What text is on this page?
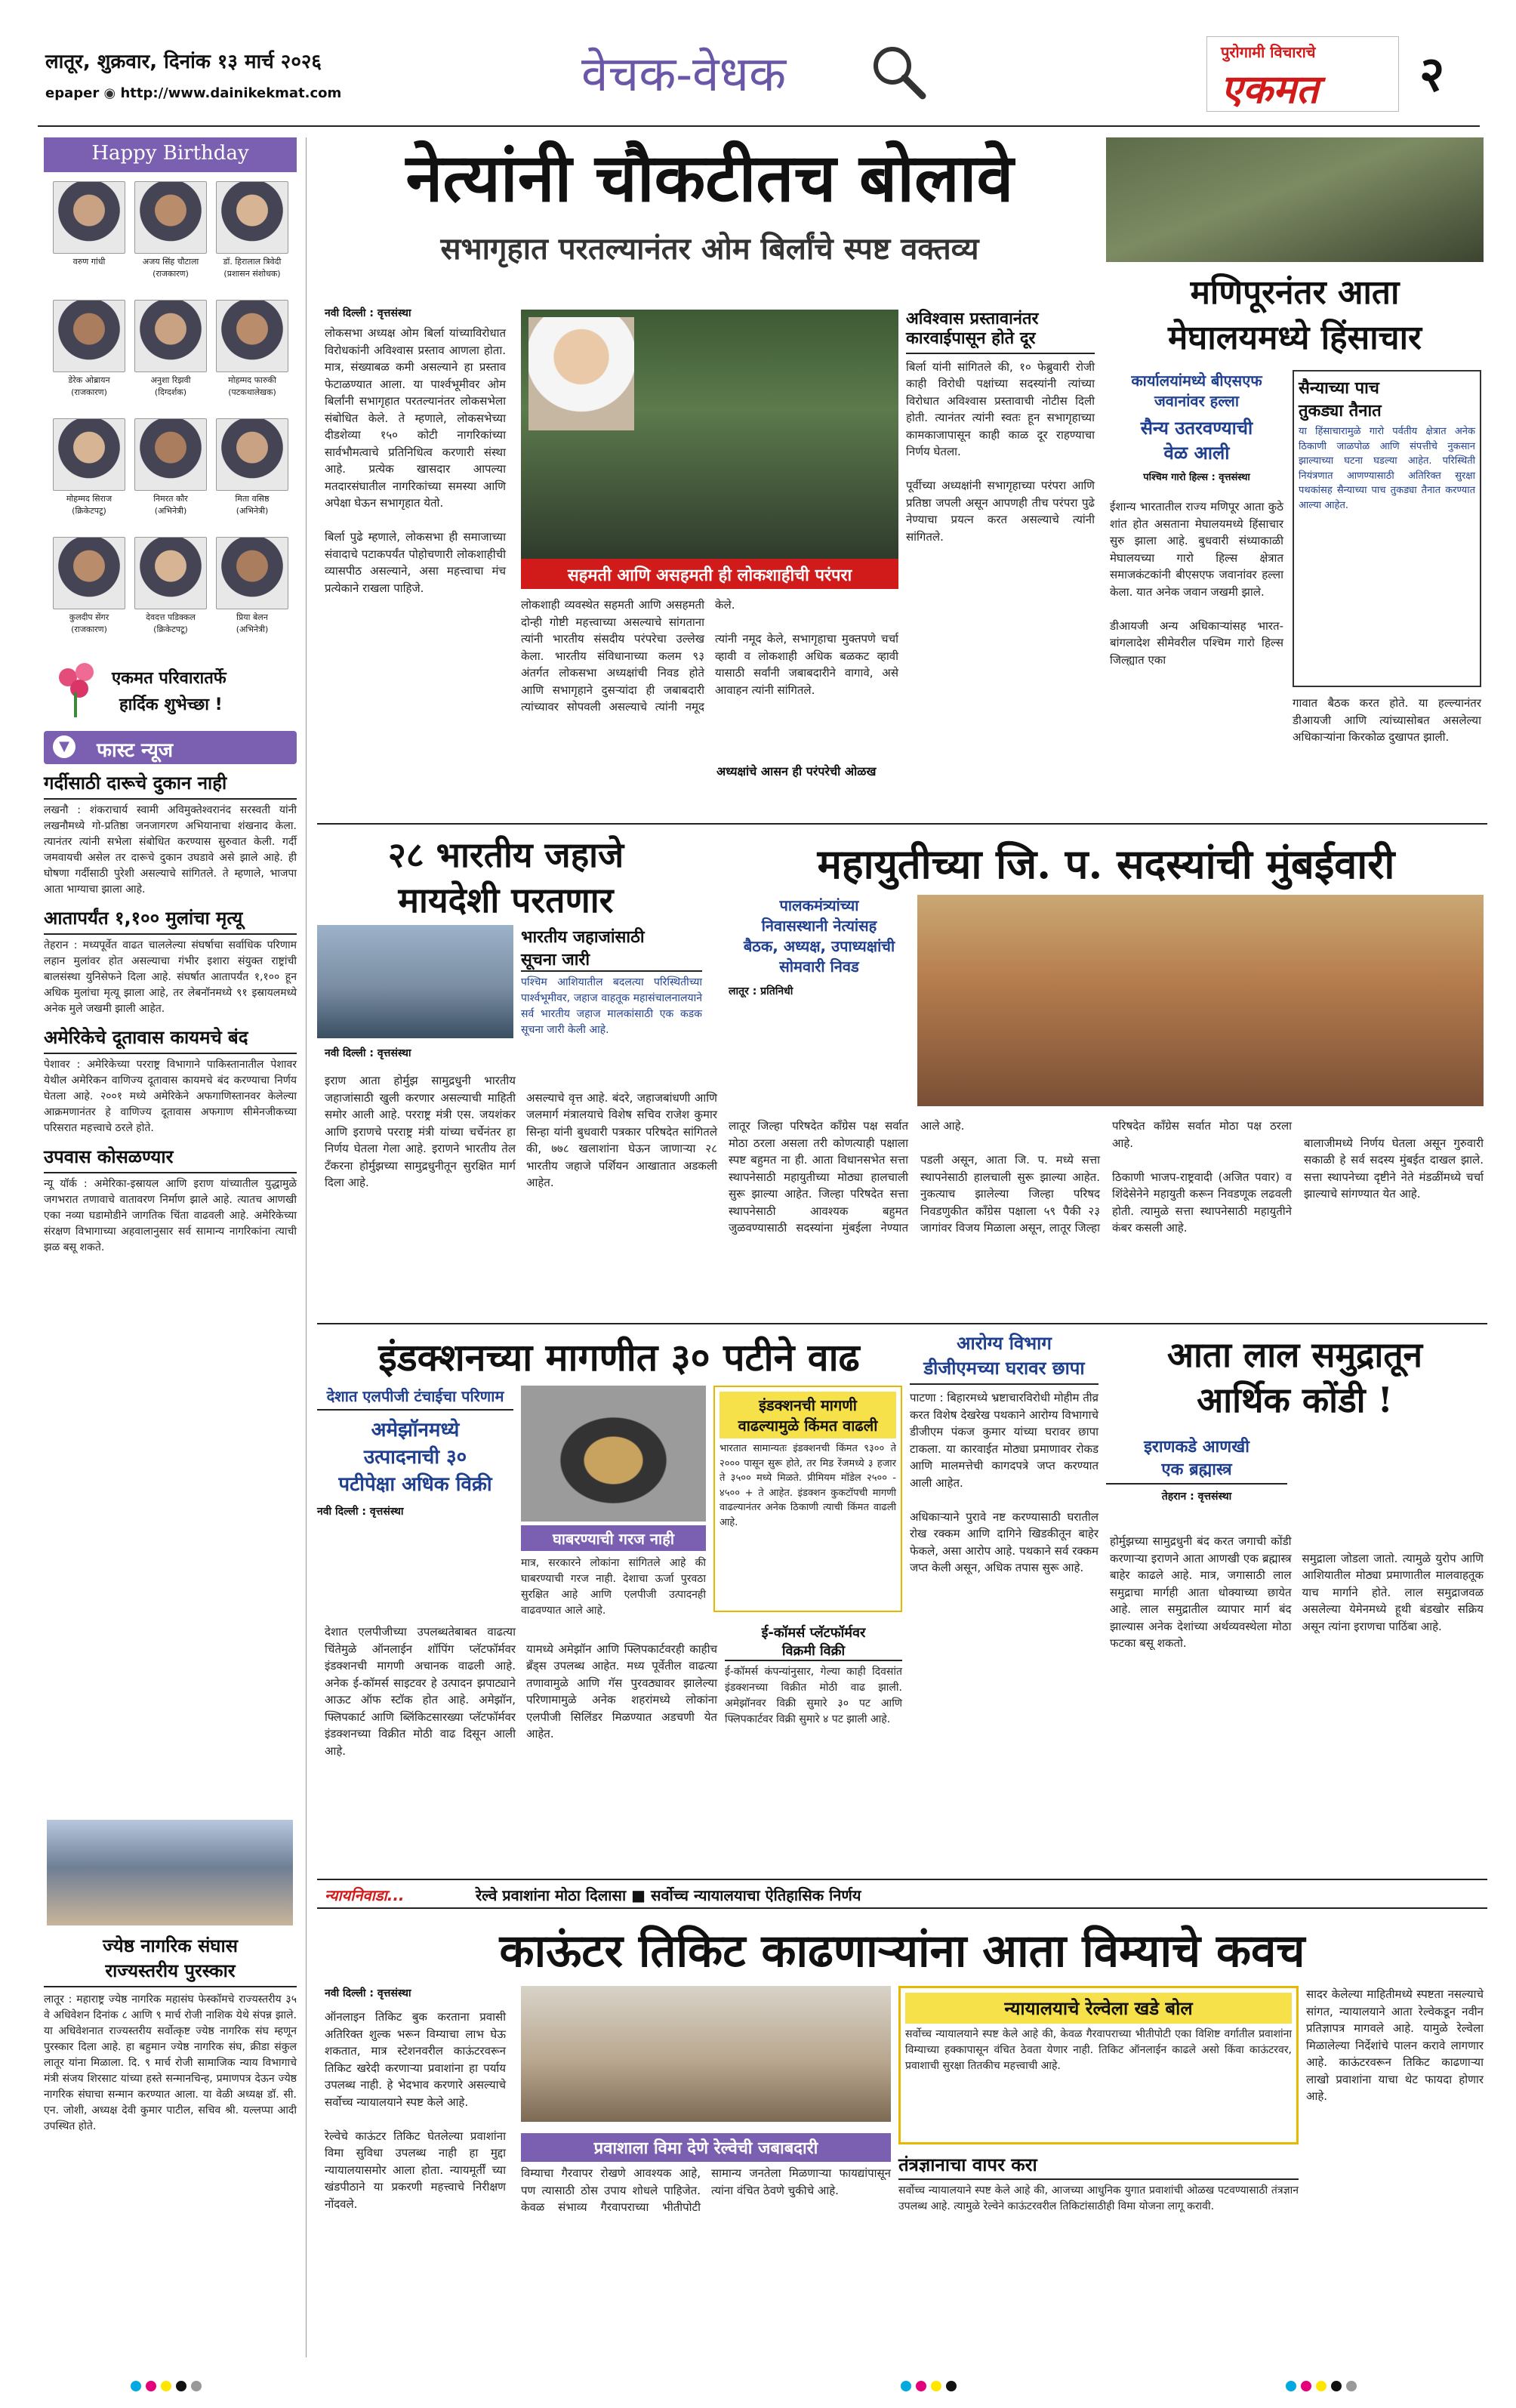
लातूर, शुक्रवार, दिनांक १३ मार्च २०२६
epaper ◉ http://www.dainikekmat.com	वेचक-वेधक	पुरोगामी विचाराचे
एकमत २
Happy Birthday
वरुण गांधी	अजय सिंह चौटाला
(राजकारण)
डॉ. हिरालाल त्रिवेदी
(प्रशासन संशोधक)
डेरेक ओब्रायन
(राजकारण)
अनुशा रिझवी
(दिग्दर्शक)
मोहम्मद फारुकी
(पटकथालेखक)
मोहम्मद सिराज
(क्रिकेटपटू)
निमरत कौर
(अभिनेत्री)
मिता वसिष्ठ
(अभिनेत्री)
कुलदीप सेंगर
(राजकारण)
देवदत्त पडिक्कल
(क्रिकेटपटू)
प्रिया बेलन
(अभिनेत्री)
एकमत परिवारातर्फे
हार्दिक शुभेच्छा !
▼	फास्ट न्यूज
गर्दीसाठी दारूचे दुकान नाही
लखनौ : शंकराचार्य स्वामी अविमुक्तेश्वरानंद सरस्वती यांनी लखनौमध्ये गो-प्रतिष्ठा जनजागरण अभियानाचा शंखनाद केला. त्यानंतर त्यांनी सभेला संबोधित करण्यास सुरुवात केली. गर्दी जमवायची असेल तर दारूचे दुकान उघडावे असे झाले आहे. ही घोषणा गर्दीसाठी पुरेशी असल्याचे सांगितले. ते म्हणाले, भाजपा आता भाग्याचा झाला आहे.
आतापर्यंत १,१०० मुलांचा मृत्यू
तेहरान : मध्यपूर्वेत वाढत चाललेल्या संघर्षाचा सर्वाधिक परिणाम लहान मुलांवर होत असल्याचा गंभीर इशारा संयुक्त राष्ट्रांची बालसंस्था युनिसेफने दिला आहे. संघर्षात आतापर्यंत १,१०० हून अधिक मुलांचा मृत्यू झाला आहे, तर लेबनॉनमध्ये ९१ इस्रायलमध्ये अनेक मुले जखमी झाली आहेत.
अमेरिकेचे दूतावास कायमचे बंद
पेशावर : अमेरिकेच्या परराष्ट्र विभागाने पाकिस्तानातील पेशावर येथील अमेरिकन वाणिज्य दूतावास कायमचे बंद करण्याचा निर्णय घेतला आहे. २००१ मध्ये अमेरिकेने अफगाणिस्तानवर केलेल्या आक्रमणानंतर हे वाणिज्य दूतावास अफगाण सीमेनजीकच्या परिसरात महत्त्वाचे ठरले होते.
उपवास कोसळण्यार
न्यू यॉर्क : अमेरिका-इस्रायल आणि इराण यांच्यातील युद्धामुळे जगभरात तणावाचे वातावरण निर्माण झाले आहे. त्यातच आणखी एका नव्या घडामोडीने जागतिक चिंता वाढवली आहे. अमेरिकेच्या संरक्षण विभागाच्या अहवालानुसार सर्व सामान्य नागरिकांना त्याची झळ बसू शकते.
ज्येष्ठ नागरिक संघास
राज्यस्तरीय पुरस्कार
लातूर : महाराष्ट्र ज्येष्ठ नागरिक महासंघ फेस्कॉमचे राज्यस्तरीय ३५ वे अधिवेशन दिनांक ८ आणि ९ मार्च रोजी नाशिक येथे संपन्न झाले. या अधिवेशनात राज्यस्तरीय सर्वोत्कृष्ट ज्येष्ठ नागरिक संघ म्हणून पुरस्कार दिला आहे. हा बहुमान ज्येष्ठ नागरिक संघ, क्रीडा संकुल लातूर यांना मिळाला. दि. ९ मार्च रोजी सामाजिक न्याय विभागाचे मंत्री संजय शिरसाट यांच्या हस्ते सन्मानचिन्ह, प्रमाणपत्र देऊन ज्येष्ठ नागरिक संघाचा सन्मान करण्यात आला. या वेळी अध्यक्ष डॉ. सी. एन. जोशी, अध्यक्ष देवी कुमार पाटील, सचिव श्री. यल्लप्पा आदी उपस्थित होते.
नेत्यांनी चौकटीतच बोलावे
सभागृहात परतल्यानंतर ओम बिर्लांचे स्पष्ट वक्तव्य
नवी दिल्ली : वृत्तसंस्था
लोकसभा अध्यक्ष ओम बिर्ला यांच्याविरोधात विरोधकांनी अविश्वास प्रस्ताव आणला होता. मात्र, संख्याबळ कमी असल्याने हा प्रस्ताव फेटाळण्यात आला. या पार्श्वभूमीवर ओम बिर्लांनी सभागृहात परतल्यानंतर लोकसभेला संबोधित केले. ते म्हणाले, लोकसभेच्या दीडशेव्या १५० कोटी नागरिकांच्या सार्वभौमत्वाचे प्रतिनिधित्व करणारी संस्था आहे. प्रत्येक खासदार आपल्या मतदारसंघातील नागरिकांच्या समस्या आणि अपेक्षा घेऊन सभागृहात येतो.

बिर्ला पुढे म्हणाले, लोकसभा ही समाजाच्या संवादाचे पटाकपर्यंत पोहोचणारी लोकशाहीची व्यासपीठ असल्याने, असा महत्त्वाचा मंच प्रत्येकाने राखला पाहिजे.
सहमती आणि असहमती ही लोकशाहीची परंपरा
लोकशाही व्यवस्थेत सहमती आणि असहमती दोन्ही गोष्टी महत्त्वाच्या असल्याचे सांगताना त्यांनी भारतीय संसदीय परंपरेचा उल्लेख केला. भारतीय संविधानाच्या कलम ९३ अंतर्गत लोकसभा अध्यक्षांची निवड होते आणि सभागृहाने दुसऱ्यांदा ही जबाबदारी त्यांच्यावर सोपवली असल्याचे त्यांनी नमूद केले.

त्यांनी नमूद केले, सभागृहाचा मुक्तपणे चर्चा व्हावी व लोकशाही अधिक बळकट व्हावी यासाठी सर्वांनी जबाबदारीने वागावे, असे आवाहन त्यांनी सांगितले.
अध्यक्षांचे आसन ही परंपरेची ओळख
अविश्वास प्रस्तावानंतर
कारवाईपासून होते दूर
बिर्ला यांनी सांगितले की, १० फेब्रुवारी रोजी काही विरोधी पक्षांच्या सदस्यांनी त्यांच्या विरोधात अविश्वास प्रस्तावाची नोटीस दिली होती. त्यानंतर त्यांनी स्वतः हून सभागृहाच्या कामकाजापासून काही काळ दूर राहण्याचा निर्णय घेतला.

पूर्वीच्या अध्यक्षांनी सभागृहाच्या परंपरा आणि प्रतिष्ठा जपली असून आपणही तीच परंपरा पुढे नेण्याचा प्रयत्न करत असल्याचे त्यांनी सांगितले.
मणिपूरनंतर आता
मेघालयमध्ये हिंसाचार
कार्यालयांमध्ये बीएसएफ
जवानांवर हल्ला
सैन्य उतरवण्याची
वेळ आली
पश्चिम गारो हिल्स : वृत्तसंस्था
ईशान्य भारतातील राज्य मणिपूर आता कुठे शांत होत असताना मेघालयमध्ये हिंसाचार सुरु झाला आहे. बुधवारी संध्याकाळी मेघालयच्या गारो हिल्स क्षेत्रात समाजकंटकांनी बीएसएफ जवानांवर हल्ला केला. यात अनेक जवान जखमी झाले.

डीआयजी अन्य अधिकाऱ्यांसह भारत-बांगलादेश सीमेवरील पश्चिम गारो हिल्स जिल्ह्यात एका
सैन्याच्या पाच
तुकड्या तैनात
या हिंसाचारामुळे गारो पर्वतीय क्षेत्रात अनेक ठिकाणी जाळपोळ आणि संपत्तीचे नुकसान झाल्याच्या घटना घडल्या आहेत. परिस्थिती नियंत्रणात आणण्यासाठी अतिरिक्त सुरक्षा पथकांसह सैन्याच्या पाच तुकड्या तैनात करण्यात आल्या आहेत.
गावात बैठक करत होते. या हल्ल्यानंतर डीआयजी आणि त्यांच्यासोबत असलेल्या अधिकाऱ्यांना किरकोळ दुखापत झाली.
२८ भारतीय जहाजे
मायदेशी परतणार
भारतीय जहाजांसाठी
सूचना जारी
पश्चिम आशियातील बदलत्या परिस्थितीच्या पार्श्वभूमीवर, जहाज वाहतूक महासंचालनालयाने सर्व भारतीय जहाज मालकांसाठी एक कडक सूचना जारी केली आहे.
नवी दिल्ली : वृत्तसंस्था
इराण आता होर्मुझ सामुद्रधुनी भारतीय जहाजांसाठी खुली करणार असल्याची माहिती समोर आली आहे. परराष्ट्र मंत्री एस. जयशंकर आणि इराणचे परराष्ट्र मंत्री यांच्या चर्चेनंतर हा निर्णय घेतला गेला आहे. इराणने भारतीय तेल टँकरना होर्मुझच्या सामुद्रधुनीतून सुरक्षित मार्ग दिला आहे.

असल्याचे वृत्त आहे. बंदरे, जहाजबांधणी आणि जलमार्ग मंत्रालयाचे विशेष सचिव राजेश कुमार सिन्हा यांनी बुधवारी पत्रकार परिषदेत सांगितले की, ७७८ खलाशांना घेऊन जाणाऱ्या २८ भारतीय जहाजे पर्शियन आखातात अडकली आहेत.
महायुतीच्या जि. प. सदस्यांची मुंबईवारी
पालकमंत्र्यांच्या
निवासस्थानी नेत्यांसह
बैठक, अध्यक्ष, उपाध्यक्षांची
सोमवारी निवड
लातूर : प्रतिनिधी
लातूर जिल्हा परिषदेत काँग्रेस पक्ष सर्वात मोठा ठरला असला तरी कोणत्याही पक्षाला स्पष्ट बहुमत ना ही. आता विधानसभेत सत्ता स्थापनेसाठी महायुतीच्या मोठ्या हालचाली सुरू झाल्या आहेत. जिल्हा परिषदेत सत्ता स्थापनेसाठी आवश्यक बहुमत जुळवण्यासाठी सदस्यांना मुंबईला नेण्यात आले आहे.

पडली असून, आता जि. प. मध्ये सत्ता स्थापनेसाठी हालचाली सुरू झाल्या आहेत. नुकत्याच झालेल्या जिल्हा परिषद निवडणुकीत काँग्रेस पक्षाला ५९ पैकी २३ जागांवर विजय मिळाला असून, लातूर जिल्हा परिषदेत काँग्रेस सर्वात मोठा पक्ष ठरला आहे.

ठिकाणी भाजप-राष्ट्रवादी (अजित पवार) व शिंदेसेनेने महायुती करून निवडणूक लढवली होती. त्यामुळे सत्ता स्थापनेसाठी महायुतीने कंबर कसली आहे.

बालाजीमध्ये निर्णय घेतला असून गुरुवारी सकाळी हे सर्व सदस्य मुंबईत दाखल झाले. सत्ता स्थापनेच्या दृष्टीने नेते मंडळींमध्ये चर्चा झाल्याचे सांगण्यात येत आहे.
इंडक्शनच्या मागणीत ३० पटीने वाढ
देशात एलपीजी टंचाईचा परिणाम
अमेझॉनमध्ये
उत्पादनाची ३०
पटीपेक्षा अधिक विक्री
नवी दिल्ली : वृत्तसंस्था
घाबरण्याची गरज नाही
मात्र, सरकारने लोकांना सांगितले आहे की घाबरण्याची गरज नाही. देशाचा ऊर्जा पुरवठा सुरक्षित आहे आणि एलपीजी उत्पादनही वाढवण्यात आले आहे.
इंडक्शनची मागणी
वाढल्यामुळे किंमत वाढली
भारतात सामान्यतः इंडक्शनची किंमत ९३०० ते २००० पासून सुरू होते, तर मिड रेंजमध्ये ३ हजार ते ३५०० मध्ये मिळते. प्रीमियम मॉडेल २५०० - ४५०० + ते आहेत. इंडक्शन कुकटॉपची मागणी वाढल्यानंतर अनेक ठिकाणी त्याची किंमत वाढली आहे.
देशात एलपीजीच्या उपलब्धतेबाबत वाढत्या चिंतेमुळे ऑनलाईन शॉपिंग प्लॅटफॉर्मवर इंडक्शनची मागणी अचानक वाढली आहे. अनेक ई-कॉमर्स साइटवर हे उत्पादन झपाट्याने आऊट ऑफ स्टॉक होत आहे. अमेझॉन, फ्लिपकार्ट आणि ब्लिंकिटसारख्या प्लॅटफॉर्मवर इंडक्शनच्या विक्रीत मोठी वाढ दिसून आली आहे.

यामध्ये अमेझॉन आणि फ्लिपकार्टवरही काहीच ब्रँड्स उपलब्ध आहेत. मध्य पूर्वेतील वाढत्या तणावामुळे आणि गॅस पुरवठ्यावर झालेल्या परिणामामुळे अनेक शहरांमध्ये लोकांना एलपीजी सिलिंडर मिळण्यात अडचणी येत आहेत.
ई-कॉमर्स प्लॅटफॉर्मवर
विक्रमी विक्री
ई-कॉमर्स कंपन्यांनुसार, गेल्या काही दिवसांत इंडक्शनच्या विक्रीत मोठी वाढ झाली. अमेझॉनवर विक्री सुमारे ३० पट आणि फ्लिपकार्टवर विक्री सुमारे ४ पट झाली आहे.
आरोग्य विभाग
डीजीएमच्या घरावर छापा
पाटणा : बिहारमध्ये भ्रष्टाचारविरोधी मोहीम तीव्र करत विशेष देखरेख पथकाने आरोग्य विभागाचे डीजीएम पंकज कुमार यांच्या घरावर छापा टाकला. या कारवाईत मोठ्या प्रमाणावर रोकड आणि मालमत्तेची कागदपत्रे जप्त करण्यात आली आहेत.

अधिकाऱ्याने पुरावे नष्ट करण्यासाठी घरातील रोख रक्कम आणि दागिने खिडकीतून बाहेर फेकले, असा आरोप आहे. पथकाने सर्व रक्कम जप्त केली असून, अधिक तपास सुरू आहे.
आता लाल समुद्रातून
आर्थिक कोंडी !
इराणकडे आणखी
एक ब्रह्मास्त्र
तेहरान : वृत्तसंस्था
होर्मुझच्या सामुद्रधुनी बंद करत जगाची कोंडी करणाऱ्या इराणने आता आणखी एक ब्रह्मास्त्र बाहेर काढले आहे. मात्र, जगासाठी लाल समुद्राचा मार्गही आता धोक्याच्या छायेत आहे. लाल समुद्रातील व्यापार मार्ग बंद झाल्यास अनेक देशांच्या अर्थव्यवस्थेला मोठा फटका बसू शकतो.

समुद्राला जोडला जातो. त्यामुळे युरोप आणि आशियातील मोठ्या प्रमाणातील मालवाहतूक याच मार्गाने होते. लाल समुद्राजवळ असलेल्या येमेनमध्ये हूथी बंडखोर सक्रिय असून त्यांना इराणचा पाठिंबा आहे.
न्यायनिवाडा...	रेल्वे प्रवाशांना मोठा दिलासा ■ सर्वोच्च न्यायालयाचा ऐतिहासिक निर्णय
काऊंटर तिकिट काढणाऱ्यांना आता विम्याचे कवच
नवी दिल्ली : वृत्तसंस्था
ऑनलाइन तिकिट बुक करताना प्रवासी अतिरिक्त शुल्क भरून विम्याचा लाभ घेऊ शकतात, मात्र स्टेशनवरील काऊंटरवरून तिकिट खरेदी करणाऱ्या प्रवाशांना हा पर्याय उपलब्ध नाही. हे भेदभाव करणारे असल्याचे सर्वोच्च न्यायालयाने स्पष्ट केले आहे.

रेल्वेचे काऊंटर तिकिट घेतलेल्या प्रवाशांना विमा सुविधा उपलब्ध नाही हा मुद्दा न्यायालयासमोर आला होता. न्यायमूर्तीं च्या खंडपीठाने या प्रकरणी महत्त्वाचे निरीक्षण नोंदवले.
प्रवाशाला विमा देणे रेल्वेची जबाबदारी
विम्याचा गैरवापर रोखणे आवश्यक आहे, पण त्यासाठी ठोस उपाय शोधले पाहिजेत. केवळ संभाव्य गैरवापराच्या भीतीपोटी सामान्य जनतेला मिळणाऱ्या फायद्यांपासून त्यांना वंचित ठेवणे चुकीचे आहे.
न्यायालयाचे रेल्वेला खडे बोल
सर्वोच्च न्यायालयाने स्पष्ट केले आहे की, केवळ गैरवापराच्या भीतीपोटी एका विशिष्ट वर्गातील प्रवाशांना विम्याच्या हक्कापासून वंचित ठेवता येणार नाही. तिकिट ऑनलाईन काढले असो किंवा काऊंटरवर, प्रवाशाची सुरक्षा तितकीच महत्त्वाची आहे.
तंत्रज्ञानाचा वापर करा
सर्वोच्च न्यायालयाने स्पष्ट केले आहे की, आजच्या आधुनिक युगात प्रवाशांची ओळख पटवण्यासाठी तंत्रज्ञान उपलब्ध आहे. त्यामुळे रेल्वेने काऊंटरवरील तिकिटांसाठीही विमा योजना लागू करावी.
सादर केलेल्या माहितीमध्ये स्पष्टता नसल्याचे सांगत, न्यायालयाने आता रेल्वेकडून नवीन प्रतिज्ञापत्र मागवले आहे. यामुळे रेल्वेला मिळालेल्या निर्देशांचे पालन करावे लागणार आहे. काऊंटरवरून तिकिट काढणाऱ्या लाखो प्रवाशांना याचा थेट फायदा होणार आहे.
